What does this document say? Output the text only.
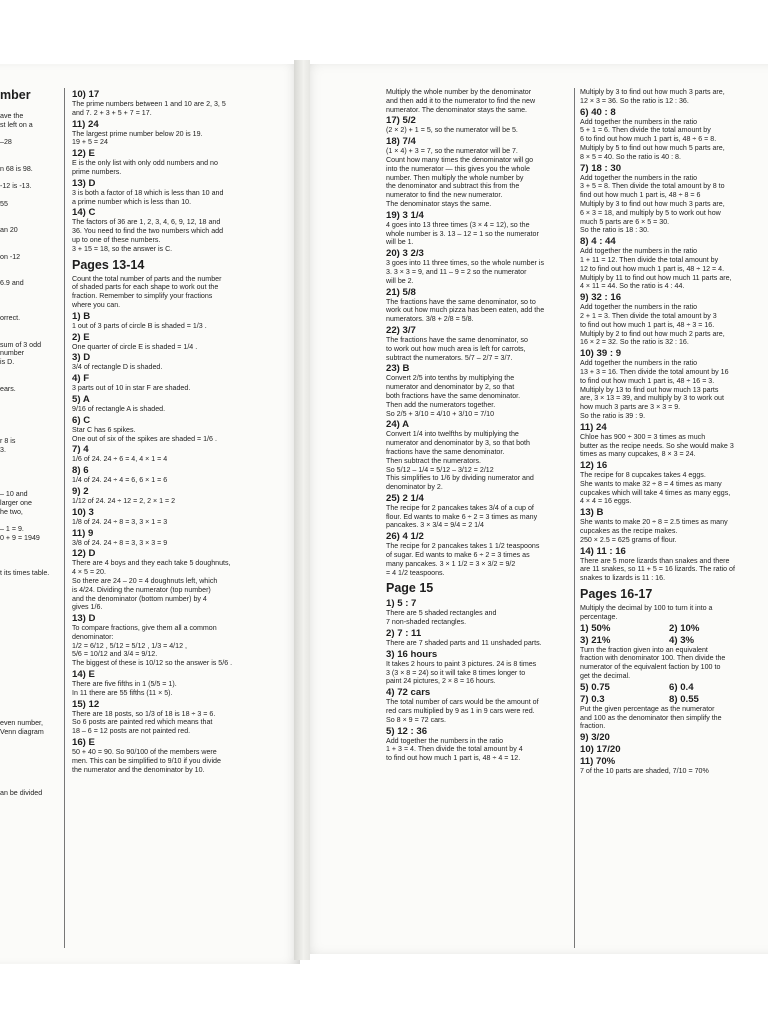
mber
ave the
st left on a
–28
n 68 is 98.
-12 is -13.
55
an 20
on -12
6.9 and
orrect.
sum of 3 odd
number
is D.
ears.
r 8 is
3.
– 10 and
larger one
he two,
– 1 = 9.
0 + 9 = 1949
t its times table.
even number,
Venn diagram
an be divided
10) 17
The prime numbers between 1 and 10 are 2, 3, 5
and 7. 2 + 3 + 5 + 7 = 17.
11) 24
The largest prime number below 20 is 19.
19 + 5 = 24
12) E
E is the only list with only odd numbers and no
prime numbers.
13) D
3 is both a factor of 18 which is less than 10 and
a prime number which is less than 10.
14) C
The factors of 36 are 1, 2, 3, 4, 6, 9, 12, 18 and
36. You need to find the two numbers which add
up to one of these numbers.
3 + 15 = 18, so the answer is C.
Pages 13-14
Count the total number of parts and the number
of shaded parts for each shape to work out the
fraction. Remember to simplify your fractions
where you can.
1) B
1 out of 3 parts of circle B is shaded = 1/3 .
2) E
One quarter of circle E is shaded = 1/4 .
3) D
3/4 of rectangle D is shaded.
4) F
3 parts out of 10 in star F are shaded.
5) A
9/16 of rectangle A is shaded.
6) C
Star C has 6 spikes.
One out of six of the spikes are shaded = 1/6 .
7) 4
1/6 of 24. 24 ÷ 6 = 4, 4 × 1 = 4
8) 6
1/4 of 24. 24 ÷ 4 = 6, 6 × 1 = 6
9) 2
1/12 of 24. 24 ÷ 12 = 2, 2 × 1 = 2
10) 3
1/8 of 24. 24 ÷ 8 = 3, 3 × 1 = 3
11) 9
3/8 of 24. 24 ÷ 8 = 3, 3 × 3 = 9
12) D
There are 4 boys and they each take 5 doughnuts,
4 × 5 = 20.
So there are 24 – 20 = 4 doughnuts left, which
is 4/24. Dividing the numerator (top number)
and the denominator (bottom number) by 4
gives 1/6.
13) D
To compare fractions, give them all a common
denominator:
1/2 = 6/12 , 5/12 = 5/12 , 1/3 = 4/12 ,
5/6 = 10/12 and 3/4 = 9/12.
The biggest of these is 10/12 so the answer is 5/6 .
14) E
There are five fifths in 1 (5/5 = 1).
In 11 there are 55 fifths (11 × 5).
15) 12
There are 18 posts, so 1/3 of 18 is 18 ÷ 3 = 6.
So 6 posts are painted red which means that
18 – 6 = 12 posts are not painted red.
16) E
50 + 40 = 90. So 90/100 of the members were
men. This can be simplified to 9/10 if you divide
the numerator and the denominator by 10.
Multiply the whole number by the denominator
and then add it to the numerator to find the new
numerator. The denominator stays the same.
17) 5/2
(2 × 2) + 1 = 5, so the numerator will be 5.
18) 7/4
(1 × 4) + 3 = 7, so the numerator will be 7.
Count how many times the denominator will go
into the numerator — this gives you the whole
number. Then multiply the whole number by
the denominator and subtract this from the
numerator to find the new numerator.
The denominator stays the same.
19) 3 1/4
4 goes into 13 three times (3 × 4 = 12), so the
whole number is 3. 13 – 12 = 1 so the numerator
will be 1.
20) 3 2/3
3 goes into 11 three times, so the whole number is
3. 3 × 3 = 9, and 11 – 9 = 2 so the numerator
will be 2.
21) 5/8
The fractions have the same denominator, so to
work out how much pizza has been eaten, add the
numerators. 3/8 + 2/8 = 5/8.
22) 3/7
The fractions have the same denominator, so
to work out how much area is left for carrots,
subtract the numerators. 5/7 – 2/7 = 3/7.
23) B
Convert 2/5 into tenths by multiplying the
numerator and denominator by 2, so that
both fractions have the same denominator.
Then add the numerators together.
So 2/5 + 3/10 = 4/10 + 3/10 = 7/10
24) A
Convert 1/4 into twelfths by multiplying the
numerator and denominator by 3, so that both
fractions have the same denominator.
Then subtract the numerators.
So 5/12 – 1/4 = 5/12 – 3/12 = 2/12
This simplifies to 1/6 by dividing numerator and
denominator by 2.
25) 2 1/4
The recipe for 2 pancakes takes 3/4 of a cup of
flour. Ed wants to make 6 ÷ 2 = 3 times as many
pancakes. 3 × 3/4 = 9/4 = 2 1/4
26) 4 1/2
The recipe for 2 pancakes takes 1 1/2 teaspoons
of sugar. Ed wants to make 6 ÷ 2 = 3 times as
many pancakes. 3 × 1 1/2 = 3 × 3/2 = 9/2
= 4 1/2 teaspoons.
Page 15
1) 5 : 7
There are 5 shaded rectangles and
7 non-shaded rectangles.
2) 7 : 11
There are 7 shaded parts and 11 unshaded parts.
3) 16 hours
It takes 2 hours to paint 3 pictures. 24 is 8 times
3 (3 × 8 = 24) so it will take 8 times longer to
paint 24 pictures, 2 × 8 = 16 hours.
4) 72 cars
The total number of cars would be the amount of
red cars multiplied by 9 as 1 in 9 cars were red.
So 8 × 9 = 72 cars.
5) 12 : 36
Add together the numbers in the ratio
1 + 3 = 4. Then divide the total amount by 4
to find out how much 1 part is, 48 ÷ 4 = 12.
Multiply by 3 to find out how much 3 parts are,
12 × 3 = 36. So the ratio is 12 : 36.
6) 40 : 8
Add together the numbers in the ratio
5 + 1 = 6. Then divide the total amount by
6 to find out how much 1 part is, 48 ÷ 6 = 8.
Multiply by 5 to find out how much 5 parts are,
8 × 5 = 40. So the ratio is 40 : 8.
7) 18 : 30
Add together the numbers in the ratio
3 + 5 = 8. Then divide the total amount by 8 to
find out how much 1 part is, 48 ÷ 8 = 6
Multiply by 3 to find out how much 3 parts are,
6 × 3 = 18, and multiply by 5 to work out how
much 5 parts are 6 × 5 = 30.
So the ratio is 18 : 30.
8) 4 : 44
Add together the numbers in the ratio
1 + 11 = 12. Then divide the total amount by
12 to find out how much 1 part is, 48 ÷ 12 = 4.
Multiply by 11 to find out how much 11 parts are,
4 × 11 = 44. So the ratio is 4 : 44.
9) 32 : 16
Add together the numbers in the ratio
2 + 1 = 3. Then divide the total amount by 3
to find out how much 1 part is, 48 ÷ 3 = 16.
Multiply by 2 to find out how much 2 parts are,
16 × 2 = 32. So the ratio is 32 : 16.
10) 39 : 9
Add together the numbers in the ratio
13 + 3 = 16. Then divide the total amount by 16
to find out how much 1 part is, 48 ÷ 16 = 3.
Multiply by 13 to find out how much 13 parts
are, 3 × 13 = 39, and multiply by 3 to work out
how much 3 parts are 3 × 3 = 9.
So the ratio is 39 : 9.
11) 24
Chloe has 900 ÷ 300 = 3 times as much
butter as the recipe needs. So she would make 3
times as many cupcakes, 8 × 3 = 24.
12) 16
The recipe for 8 cupcakes takes 4 eggs.
She wants to make 32 ÷ 8 = 4 times as many
cupcakes which will take 4 times as many eggs,
4 × 4 = 16 eggs.
13) B
She wants to make 20 ÷ 8 = 2.5 times as many
cupcakes as the recipe makes.
250 × 2.5 = 625 grams of flour.
14) 11 : 16
There are 5 more lizards than snakes and there
are 11 snakes, so 11 + 5 = 16 lizards. The ratio of
snakes to lizards is 11 : 16.
Pages 16-17
Multiply the decimal by 100 to turn it into a
percentage.
1) 50%	2) 10%
3) 21%	4) 3%
Turn the fraction given into an equivalent
fraction with denominator 100. Then divide the
numerator of the equivalent faction by 100 to
get the decimal.
5) 0.75	6) 0.4
7) 0.3	8) 0.55
Put the given percentage as the numerator
and 100 as the denominator then simplify the
fraction.
9) 3/20
10) 17/20
11) 70%
7 of the 10 parts are shaded, 7/10 = 70%
